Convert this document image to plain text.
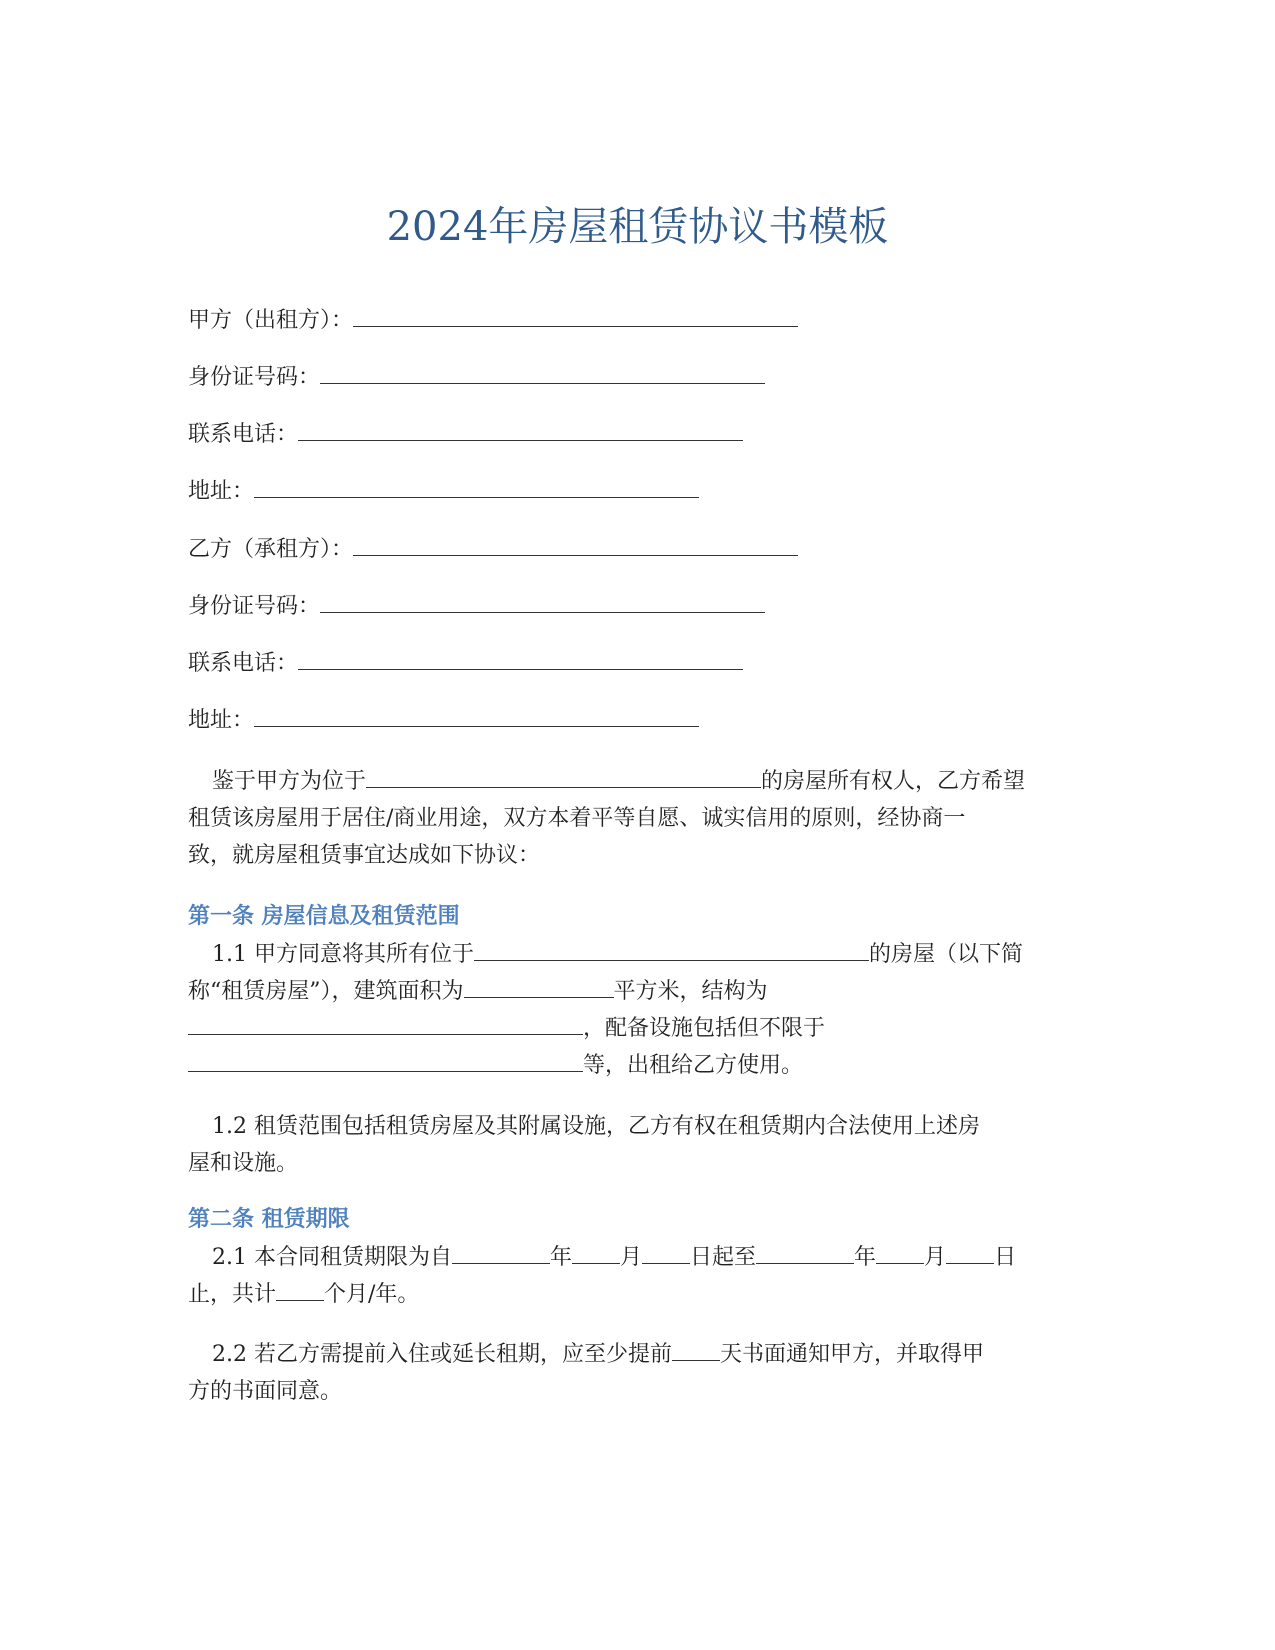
2024年房屋租赁协议书模板
甲方（出租方）：
身份证号码：
联系电话：
地址：
乙方（承租方）：
身份证号码：
联系电话：
地址：
鉴于甲方为位于	的房屋所有权人，乙方希望
租赁该房屋用于居住/商业用途，双方本着平等自愿、诚实信用的原则，经协商一
致，就房屋租赁事宜达成如下协议：
第一条 房屋信息及租赁范围
1.1 甲方同意将其所有位于	的房屋（以下简
称“租赁房屋”），建筑面积为	平方米，结构为
，配备设施包括但不限于
等，出租给乙方使用。
1.2 租赁范围包括租赁房屋及其附属设施，乙方有权在租赁期内合法使用上述房
屋和设施。
第二条 租赁期限
2.1 本合同租赁期限为自	年 月 日起至	年 月 日
止，共计 个月/年。
2.2 若乙方需提前入住或延长租期，应至少提前 天书面通知甲方，并取得甲
方的书面同意。
